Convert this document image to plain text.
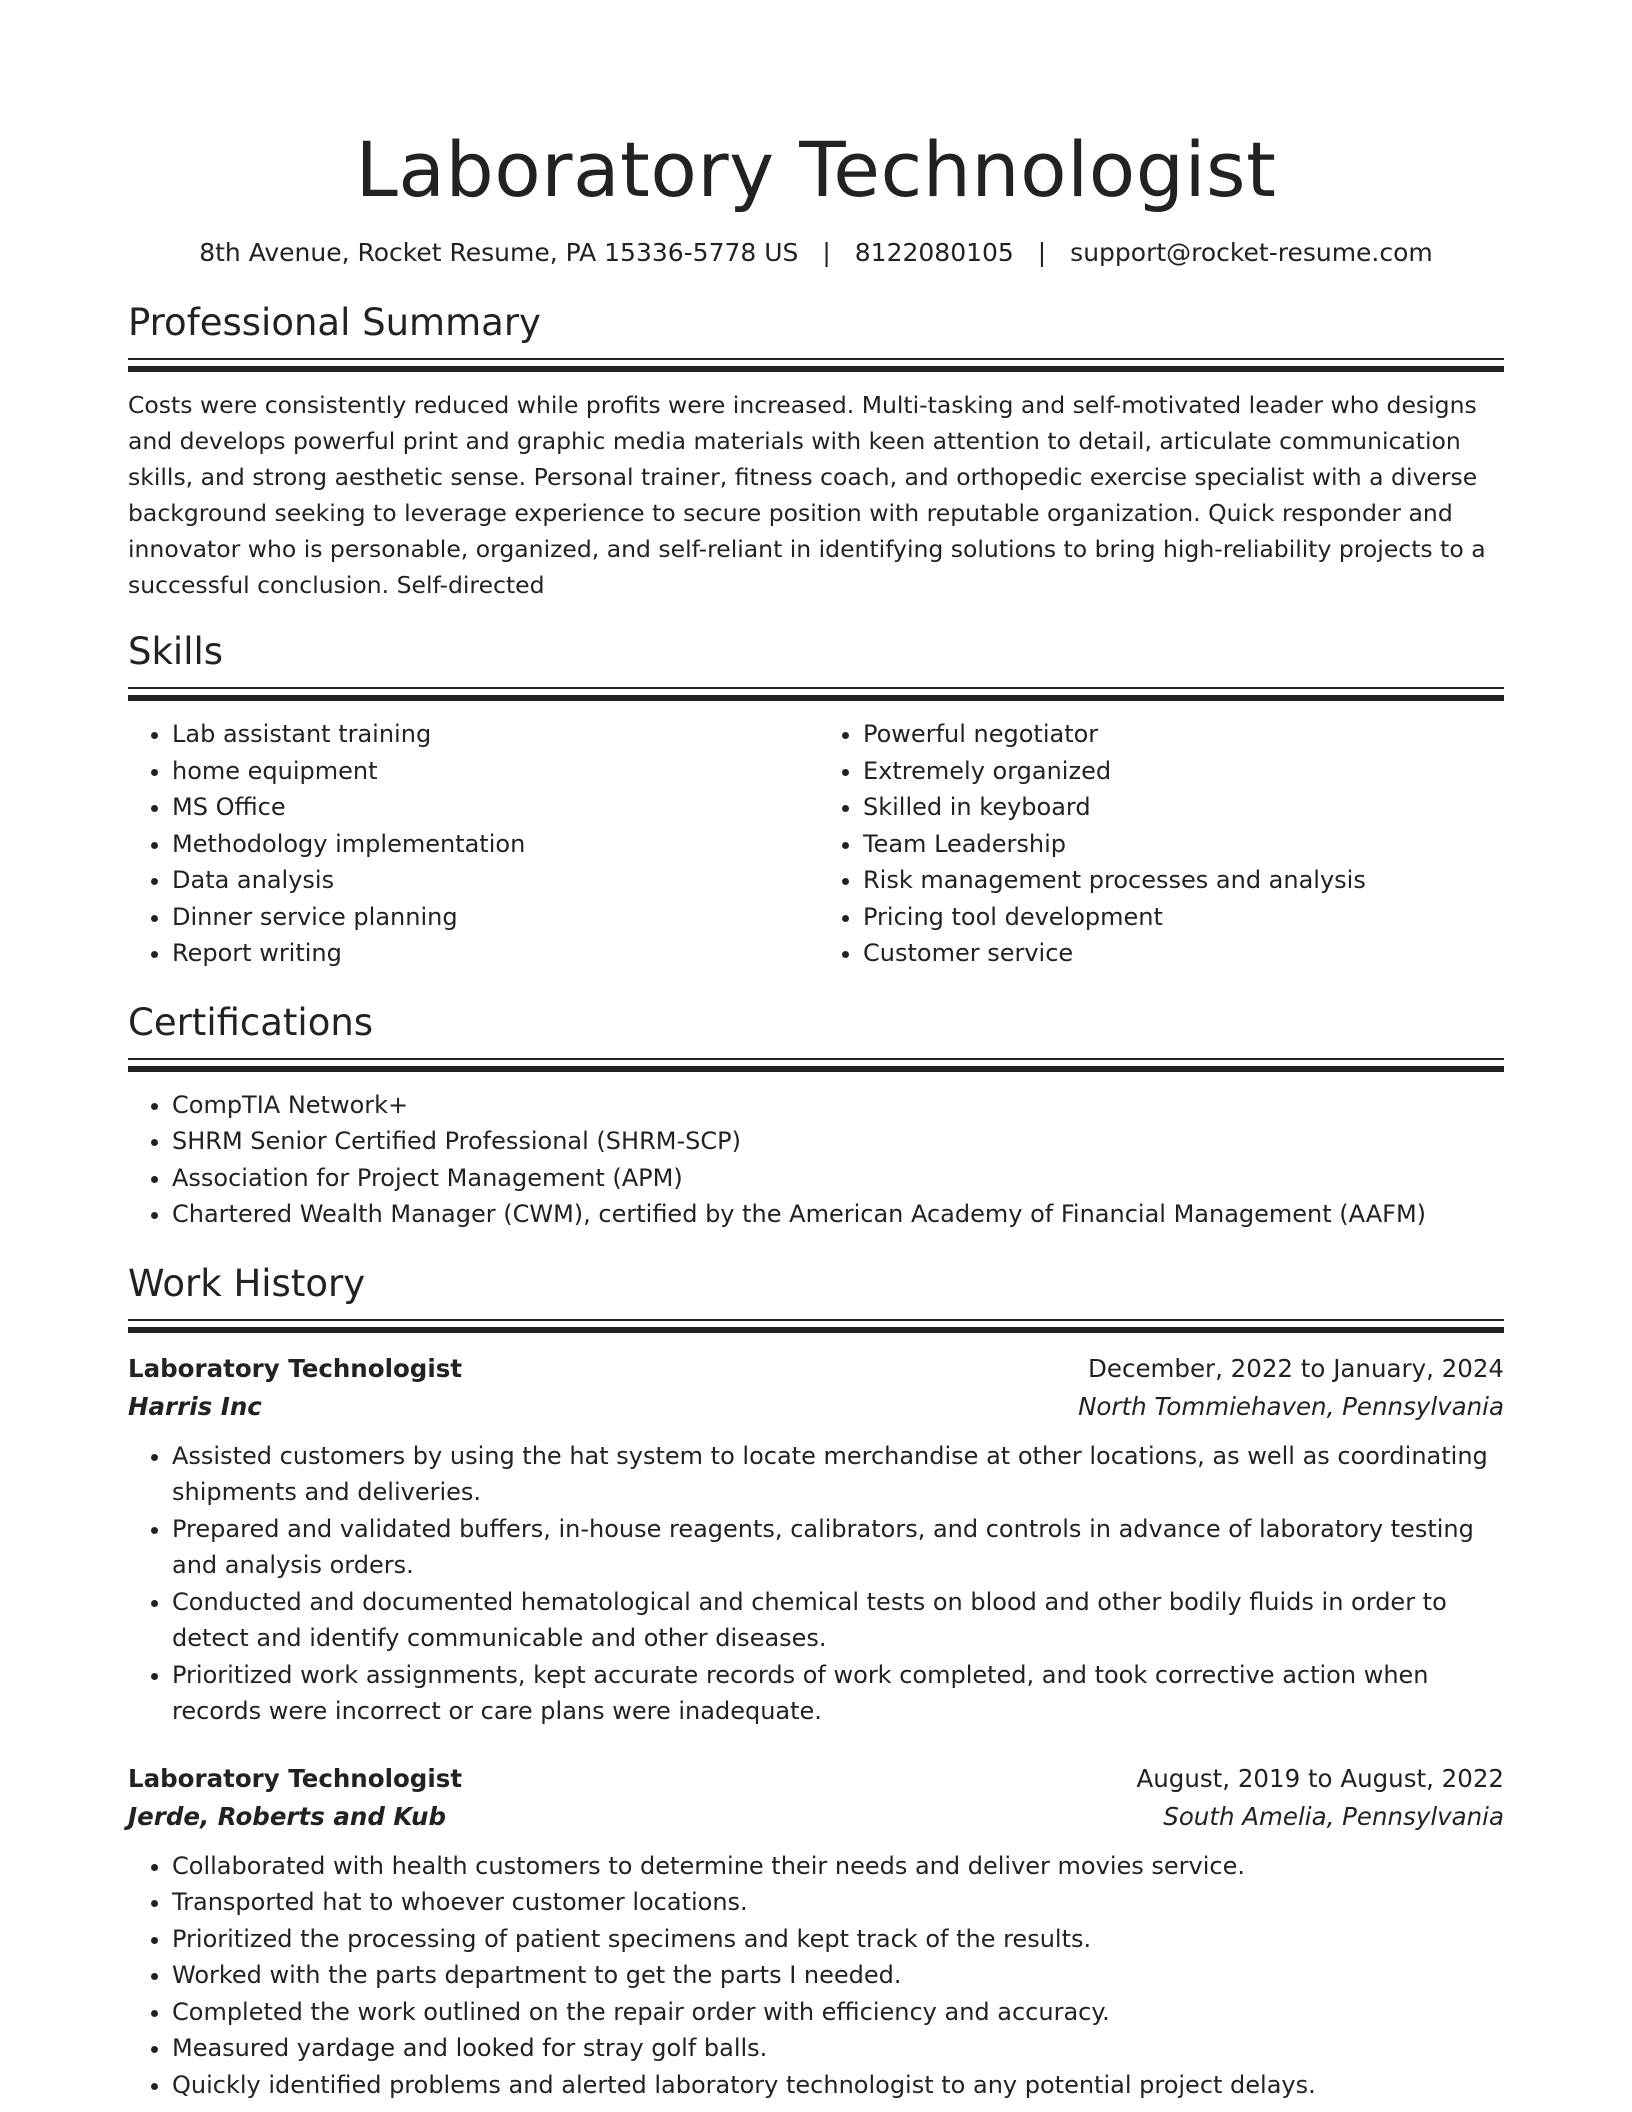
Laboratory Technologist
8th Avenue, Rocket Resume, PA 15336-5778 US | 8122080105 | support@rocket-resume.com
Professional Summary
Costs were consistently reduced while profits were increased. Multi-tasking and self-motivated leader who designs and develops powerful print and graphic media materials with keen attention to detail, articulate communication skills, and strong aesthetic sense. Personal trainer, fitness coach, and orthopedic exercise specialist with a diverse background seeking to leverage experience to secure position with reputable organization. Quick responder and innovator who is personable, organized, and self-reliant in identifying solutions to bring high-reliability projects to a successful conclusion. Self-directed
Skills
• Lab assistant training
• home equipment
• MS Office
• Methodology implementation
• Data analysis
• Dinner service planning
• Report writing
• Powerful negotiator
• Extremely organized
• Skilled in keyboard
• Team Leadership
• Risk management processes and analysis
• Pricing tool development
• Customer service
Certifications
• CompTIA Network+
• SHRM Senior Certified Professional (SHRM-SCP)
• Association for Project Management (APM)
• Chartered Wealth Manager (CWM), certified by the American Academy of Financial Management (AAFM)
Work History
Laboratory Technologist	December, 2022 to January, 2024
Harris Inc	North Tommiehaven, Pennsylvania
• Assisted customers by using the hat system to locate merchandise at other locations, as well as coordinating shipments and deliveries.
• Prepared and validated buffers, in-house reagents, calibrators, and controls in advance of laboratory testing and analysis orders.
• Conducted and documented hematological and chemical tests on blood and other bodily fluids in order to detect and identify communicable and other diseases.
• Prioritized work assignments, kept accurate records of work completed, and took corrective action when records were incorrect or care plans were inadequate.
Laboratory Technologist	August, 2019 to August, 2022
Jerde, Roberts and Kub	South Amelia, Pennsylvania
• Collaborated with health customers to determine their needs and deliver movies service.
• Transported hat to whoever customer locations.
• Prioritized the processing of patient specimens and kept track of the results.
• Worked with the parts department to get the parts I needed.
• Completed the work outlined on the repair order with efficiency and accuracy.
• Measured yardage and looked for stray golf balls.
• Quickly identified problems and alerted laboratory technologist to any potential project delays.
